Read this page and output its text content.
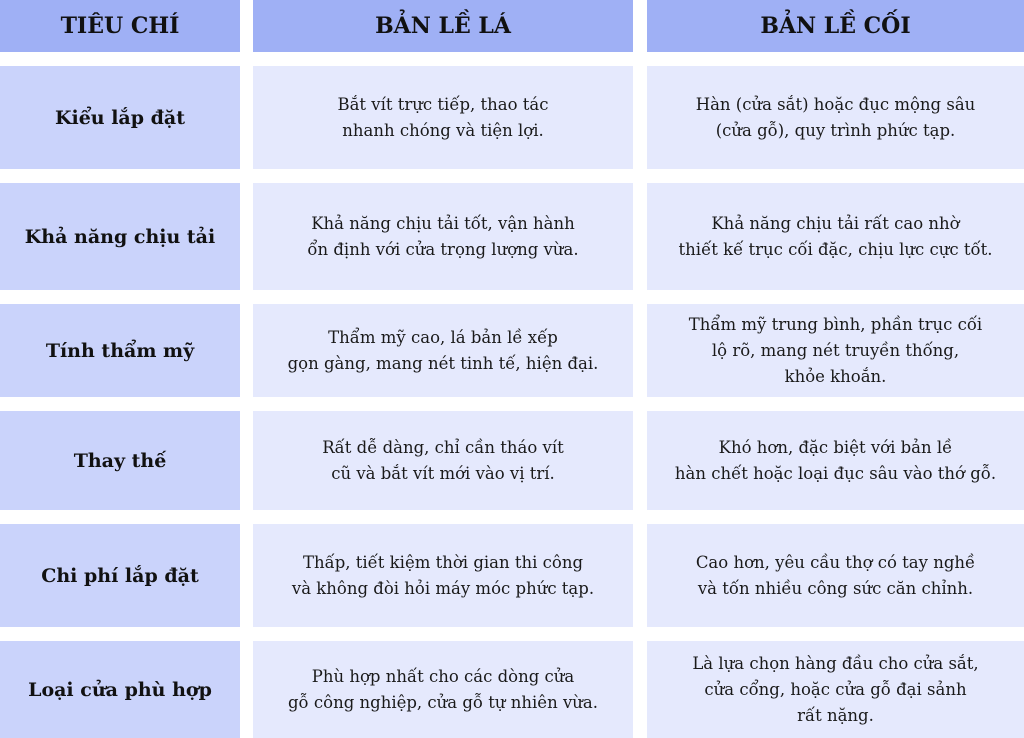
TIÊU CHÍ	BẢN LỀ LÁ	BẢN LỀ CỐI
Kiểu lắp đặt
Bắt vít trực tiếp, thao tác
nhanh chóng và tiện lợi.
Hàn (cửa sắt) hoặc đục mộng sâu
(cửa gỗ), quy trình phức tạp.
Khả năng chịu tải
Khả năng chịu tải tốt, vận hành
ổn định với cửa trọng lượng vừa.
Khả năng chịu tải rất cao nhờ
thiết kế trục cối đặc, chịu lực cực tốt.
Tính thẩm mỹ
Thẩm mỹ cao, lá bản lề xếp
gọn gàng, mang nét tinh tế, hiện đại.
Thẩm mỹ trung bình, phần trục cối
lộ rõ, mang nét truyền thống,
khỏe khoắn.
Thay thế
Rất dễ dàng, chỉ cần tháo vít
cũ và bắt vít mới vào vị trí.
Khó hơn, đặc biệt với bản lề
hàn chết hoặc loại đục sâu vào thớ gỗ.
Chi phí lắp đặt
Thấp, tiết kiệm thời gian thi công
và không đòi hỏi máy móc phức tạp.
Cao hơn, yêu cầu thợ có tay nghề
và tốn nhiều công sức căn chỉnh.
Loại cửa phù hợp
Phù hợp nhất cho các dòng cửa
gỗ công nghiệp, cửa gỗ tự nhiên vừa.
Là lựa chọn hàng đầu cho cửa sắt,
cửa cổng, hoặc cửa gỗ đại sảnh
rất nặng.
